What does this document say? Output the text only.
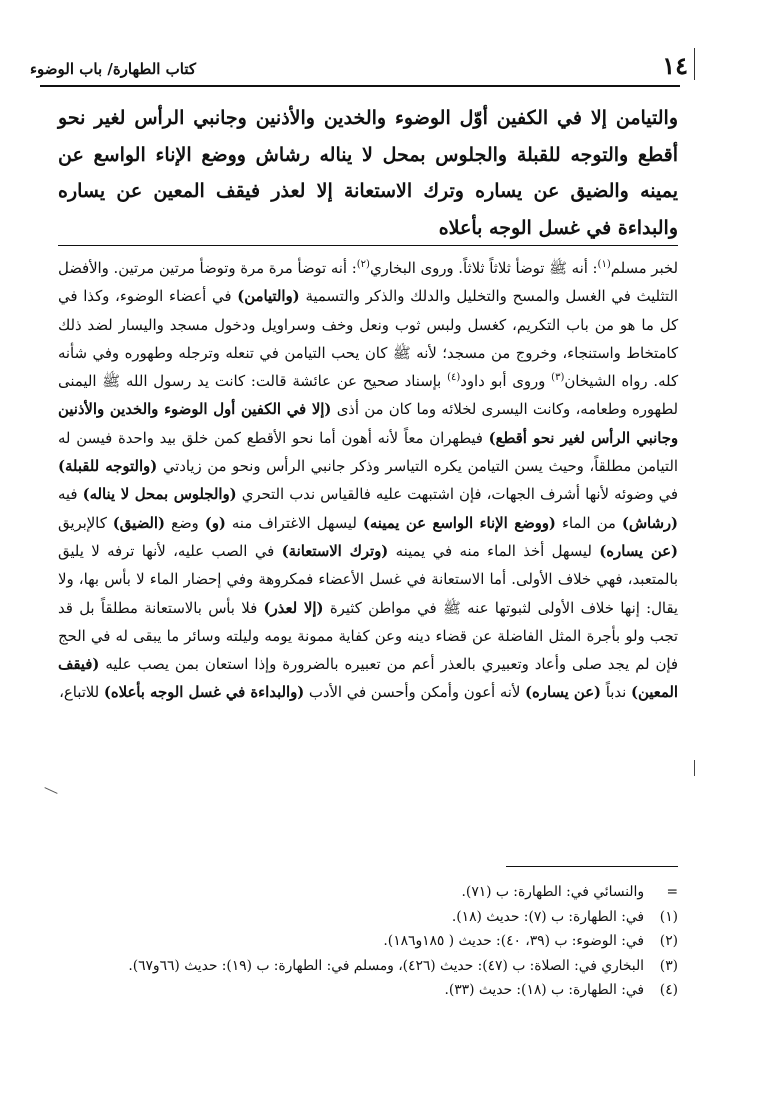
١٤
كتاب الطهارة/ باب الوضوء
والتيامن إلا في الكفين أوّل الوضوء والخدين والأذنين وجانبي الرأس لغير نحو أقطع والتوجه للقبلة والجلوس بمحل لا يناله رشاش ووضع الإناء الواسع عن يمينه والضيق عن يساره وترك الاستعانة إلا لعذر فيقف المعين عن يساره والبداءة في غسل الوجه بأعلاه
لخبر مسلم$^{(١)}$: أنه ﷺ توضأ ثلاثاً ثلاثاً. وروى البخاري$^{(٢)}$: أنه توضأ مرة مرة وتوضأ مرتين مرتين. والأفضل التثليث في الغسل والمسح والتخليل والدلك والذكر والتسمية (والتيامن) في أعضاء الوضوء، وكذا في كل ما هو من باب التكريم، كغسل ولبس ثوب ونعل وخف وسراويل ودخول مسجد واليسار لضد ذلك كامتخاط واستنجاء، وخروج من مسجد؛ لأنه ﷺ كان يحب التيامن في تنعله وترجله وطهوره وفي شأنه كله. رواه الشيخان$^{(٣)}$ وروى أبو داود$^{(٤)}$ بإسناد صحيح عن عائشة قالت: كانت يد رسول الله ﷺ اليمنى لطهوره وطعامه، وكانت اليسرى لخلائه وما كان من أذى (إلا في الكفين أول الوضوء والخدين والأذنين وجانبي الرأس لغير نحو أقطع) فيطهران معاً لأنه أهون أما نحو الأقطع كمن خلق بيد واحدة فيسن له التيامن مطلقاً، وحيث يسن التيامن يكره التياسر وذكر جانبي الرأس ونحو من زيادتي (والتوجه للقبلة) في وضوئه لأنها أشرف الجهات، فإن اشتبهت عليه فالقياس ندب التحري (والجلوس بمحل لا يناله) فيه (رشاش) من الماء (ووضع الإناء الواسع عن يمينه) ليسهل الاغتراف منه (و) وضع (الضيق) كالإبريق (عن يساره) ليسهل أخذ الماء منه في يمينه (وترك الاستعانة) في الصب عليه، لأنها ترفه لا يليق بالمتعبد، فهي خلاف الأولى. أما الاستعانة في غسل الأعضاء فمكروهة وفي إحضار الماء لا بأس بها، ولا يقال: إنها خلاف الأولى لثبوتها عنه ﷺ في مواطن كثيرة (إلا لعذر) فلا بأس بالاستعانة مطلقاً بل قد تجب ولو بأجرة المثل الفاضلة عن قضاء دينه وعن كفاية ممونة يومه وليلته وسائر ما يبقى له في الحج فإن لم يجد صلى وأعاد وتعبيري بالعذر أعم من تعبيره بالضرورة وإذا استعان بمن يصب عليه (فيقف المعين) ندباً (عن يساره) لأنه أعون وأمكن وأحسن في الأدب (والبداءة في غسل الوجه بأعلاه) للاتباع،
=
والنسائي في: الطهارة: ب (٧١).
(١)
في: الطهارة: ب (٧): حديث (١٨).
(٢)
في: الوضوء: ب (٣٩، ٤٠): حديث ( ١٨٥و١٨٦).
(٣)
البخاري في: الصلاة: ب (٤٧): حديث (٤٢٦)، ومسلم في: الطهارة: ب (١٩): حديث (٦٦و٦٧).
(٤)
في: الطهارة: ب (١٨): حديث (٣٣).
